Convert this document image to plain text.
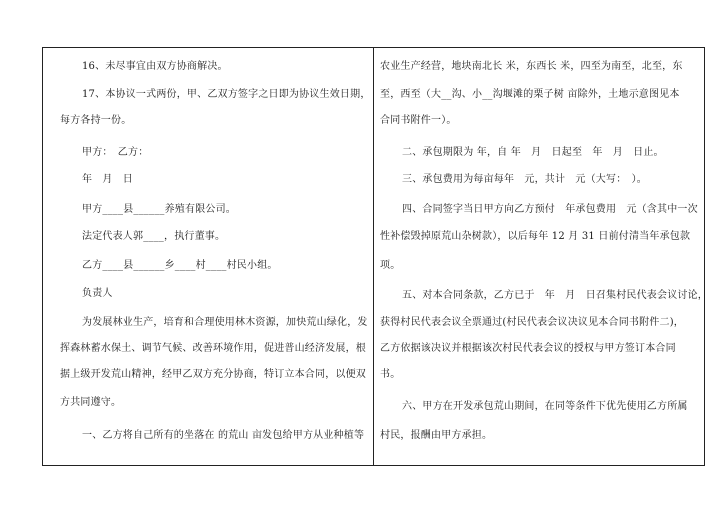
16、未尽事宜由双方协商解决。
17、本协议一式两份，甲、乙双方签字之日即为协议生效日期，
每方各持一份。
甲方：　乙方：
年　月　日
甲方____县______养殖有限公司。
法定代表人郭____，执行董事。
乙方____县______乡____村____村民小组。
负责人
为发展林业生产，培育和合理使用林木资源，加快荒山绿化，发
挥森林蓄水保土、调节气候、改善环境作用，促进普山经济发展，根
据上级开发荒山精神，经甲乙双方充分协商，特订立本合同，以便双
方共同遵守。
一、乙方将自己所有的坐落在 的荒山 亩发包给甲方从业种植等
农业生产经营，地块南北长 米，东西长 米，四至为南至，北至，东
至，西至（大__沟、小__沟堰滩的栗子树 亩除外，土地示意图见本
合同书附件一）。
二、承包期限为 年，自 年　月　日起至　年　月　日止。
三、承包费用为每亩每年　元，共计　元（大写：　）。
四、合同签字当日甲方向乙方预付　年承包费用　元（含其中一次
性补偿毁掉原荒山杂树款），以后每年 12 月 31 日前付清当年承包款
项。
五、对本合同条款，乙方已于　年　月　日召集村民代表会议讨论，
获得村民代表会议全票通过(村民代表会议决议见本合同书附件二)，
乙方依据该决议并根据该次村民代表会议的授权与甲方签订本合同
书。
六、甲方在开发承包荒山期间，在同等条件下优先使用乙方所属
村民，报酬由甲方承担。
